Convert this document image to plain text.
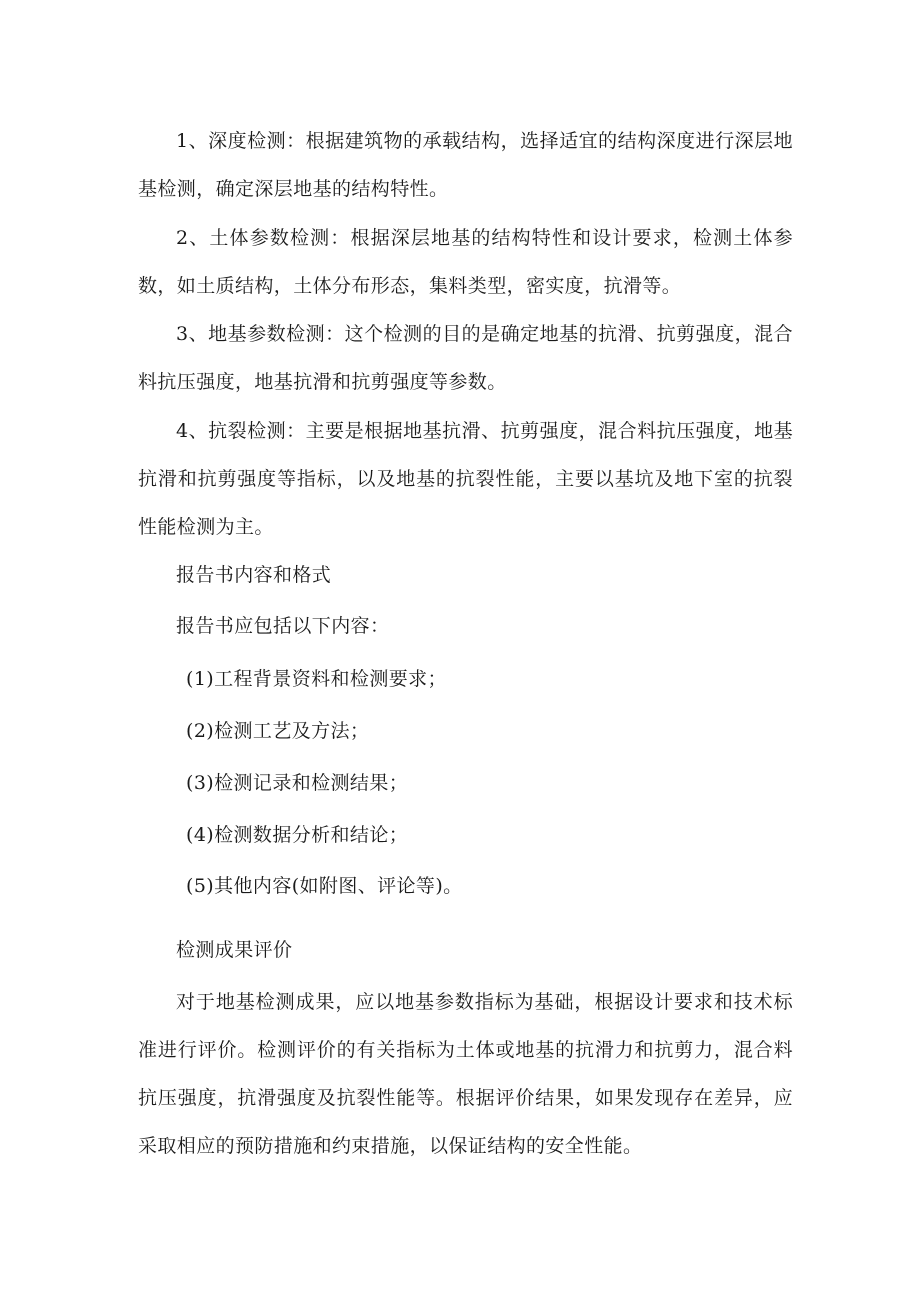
1、深度检测：根据建筑物的承载结构，选择适宜的结构深度进行深层地基检测，确定深层地基的结构特性。

2、土体参数检测：根据深层地基的结构特性和设计要求，检测土体参数，如土质结构，土体分布形态，集料类型，密实度，抗滑等。

3、地基参数检测：这个检测的目的是确定地基的抗滑、抗剪强度，混合料抗压强度，地基抗滑和抗剪强度等参数。

4、抗裂检测：主要是根据地基抗滑、抗剪强度，混合料抗压强度，地基抗滑和抗剪强度等指标，以及地基的抗裂性能，主要以基坑及地下室的抗裂性能检测为主。

报告书内容和格式

报告书应包括以下内容：

(1)工程背景资料和检测要求；

(2)检测工艺及方法；

(3)检测记录和检测结果；

(4)检测数据分析和结论；

(5)其他内容(如附图、评论等)。

检测成果评价

对于地基检测成果，应以地基参数指标为基础，根据设计要求和技术标准进行评价。检测评价的有关指标为土体或地基的抗滑力和抗剪力，混合料抗压强度，抗滑强度及抗裂性能等。根据评价结果，如果发现存在差异，应采取相应的预防措施和约束措施，以保证结构的安全性能。
